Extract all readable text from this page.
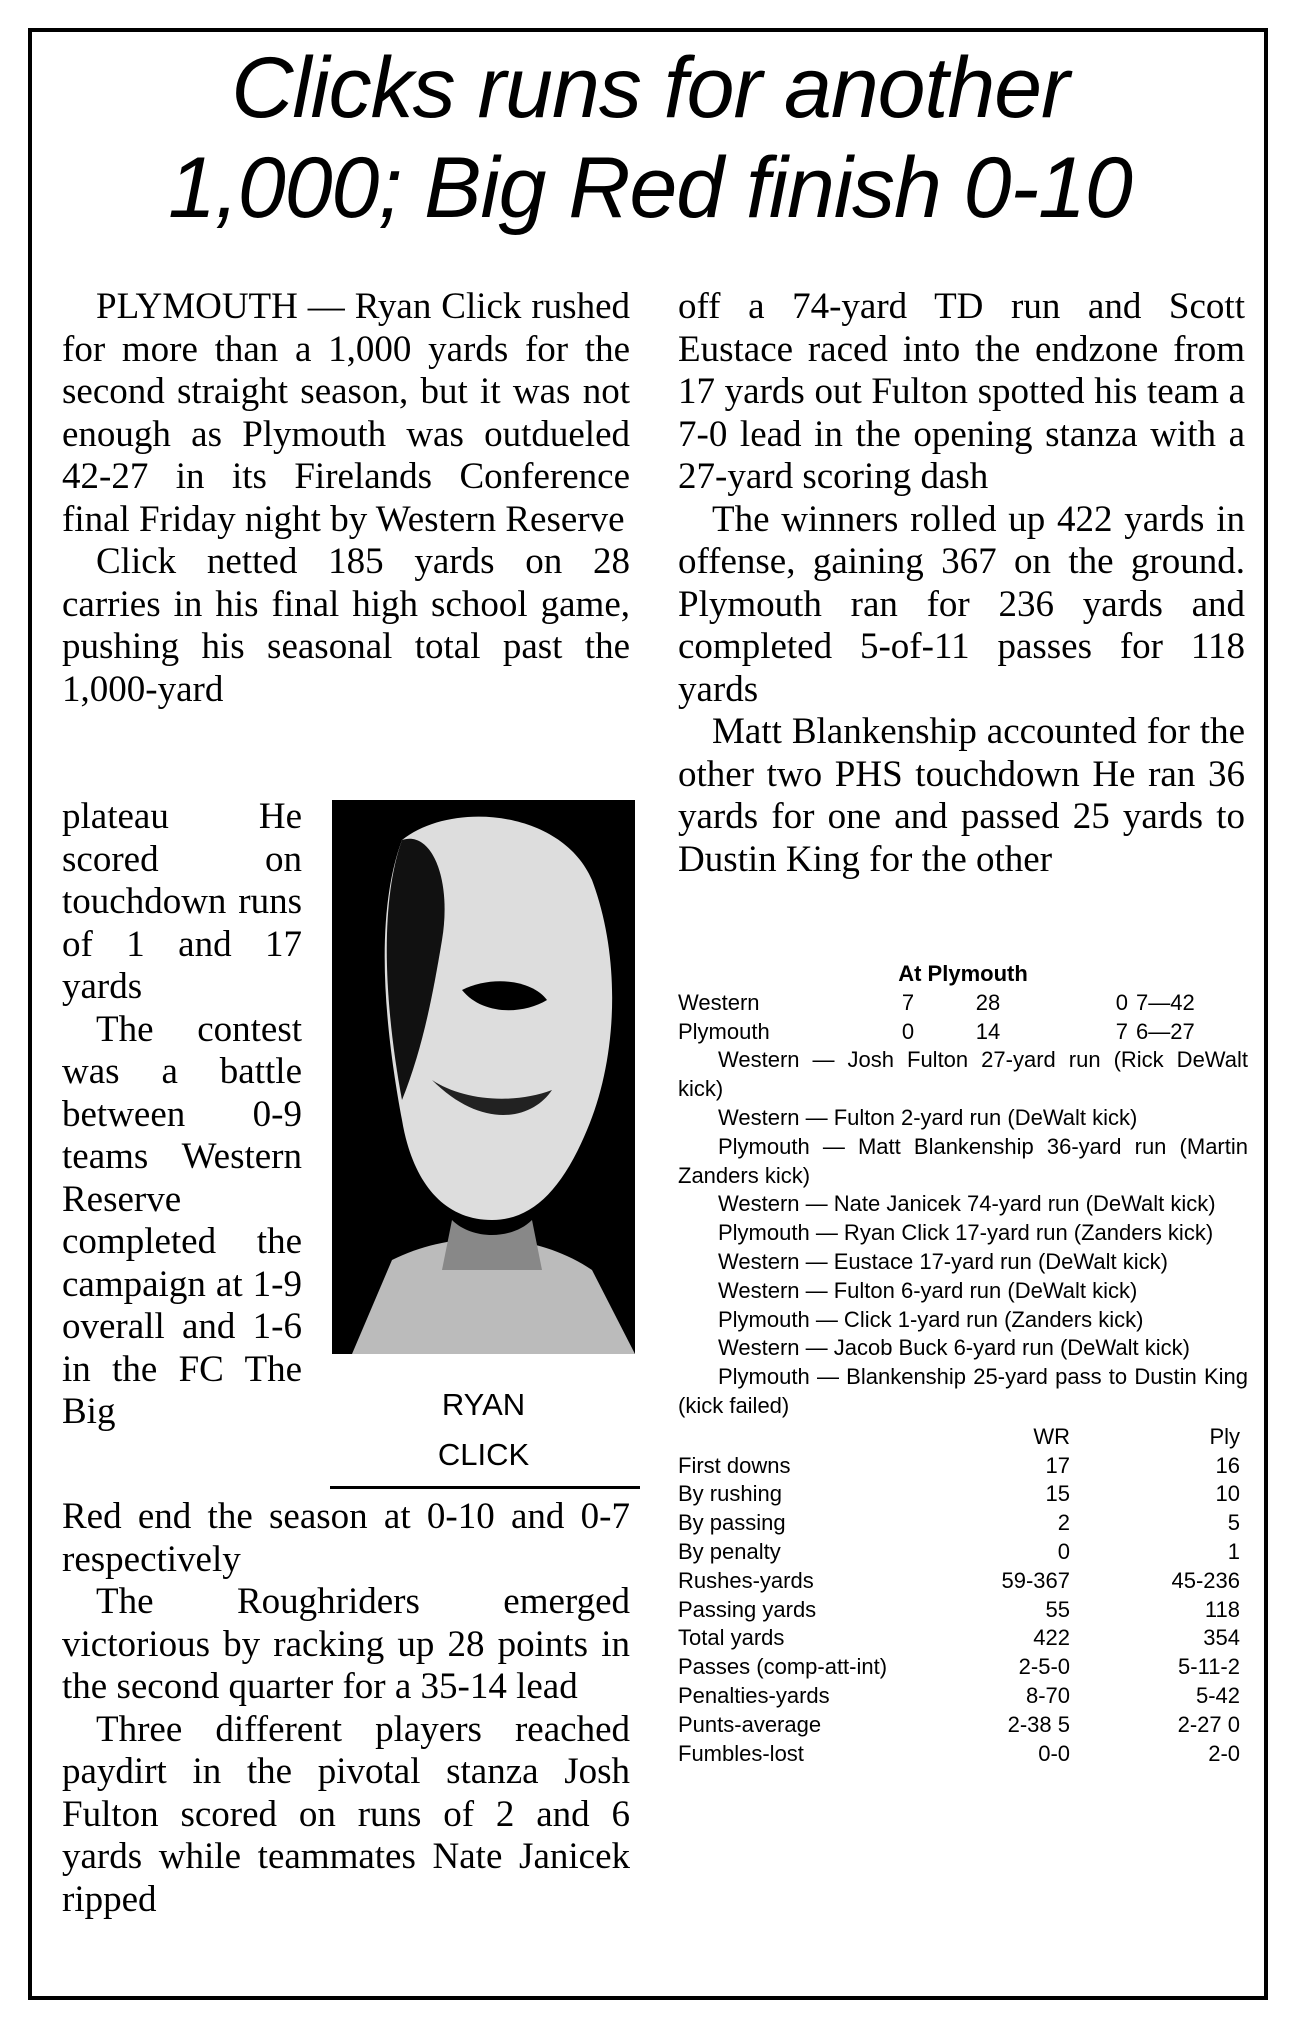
Clicks runs for another
1,000; Big Red finish 0-10

PLYMOUTH — Ryan Click rushed for more than a 1,000 yards for the second straight season, but it was not enough as Plymouth was outdueled 42-27 in its Firelands Conference final Friday night by Western Reserve

Click netted 185 yards on 28 carries in his final high school game, pushing his seasonal total past the 1,000-yard

plateau He scored on touchdown runs of 1 and 17 yards

The contest was a battle between 0-9 teams Western Reserve completed the campaign at 1-9 overall and 1-6 in the FC The Big	RYAN
CLICK

Red end the season at 0-10 and 0-7 respectively

The Roughriders emerged victorious by racking up 28 points in the second quarter for a 35-14 lead

Three different players reached paydirt in the pivotal stanza Josh Fulton scored on runs of 2 and 6 yards while teammates Nate Janicek ripped

off a 74-yard TD run and Scott Eustace raced into the endzone from 17 yards out Fulton spotted his team a 7-0 lead in the opening stanza with a 27-yard scoring dash

The winners rolled up 422 yards in offense, gaining 367 on the ground. Plymouth ran for 236 yards and completed 5-of-11 passes for 118 yards

Matt Blankenship accounted for the other two PHS touchdown He ran 36 yards for one and passed 25 yards to Dustin King for the other

At Plymouth
Western	7	28	0 7—42
Plymouth	0	14	7 6—27

Western — Josh Fulton 27-yard run (Rick DeWalt kick)

Western — Fulton 2-yard run (DeWalt kick)

Plymouth — Matt Blankenship 36-yard run (Martin Zanders kick)

Western — Nate Janicek 74-yard run (DeWalt kick)

Plymouth — Ryan Click 17-yard run (Zanders kick)

Western — Eustace 17-yard run (DeWalt kick)

Western — Fulton 6-yard run (DeWalt kick)

Plymouth — Click 1-yard run (Zanders kick)

Western — Jacob Buck 6-yard run (DeWalt kick)

Plymouth — Blankenship 25-yard pass to Dustin King (kick failed)

WR	Ply
First downs	17	16
By rushing	15	10
By passing	2	5
By penalty	0	1
Rushes-yards	59-367	45-236
Passing yards	55	118
Total yards	422	354
Passes (comp-att-int)	2-5-0	5-11-2
Penalties-yards	8-70	5-42
Punts-average	2-38 5	2-27 0
Fumbles-lost	0-0	2-0
